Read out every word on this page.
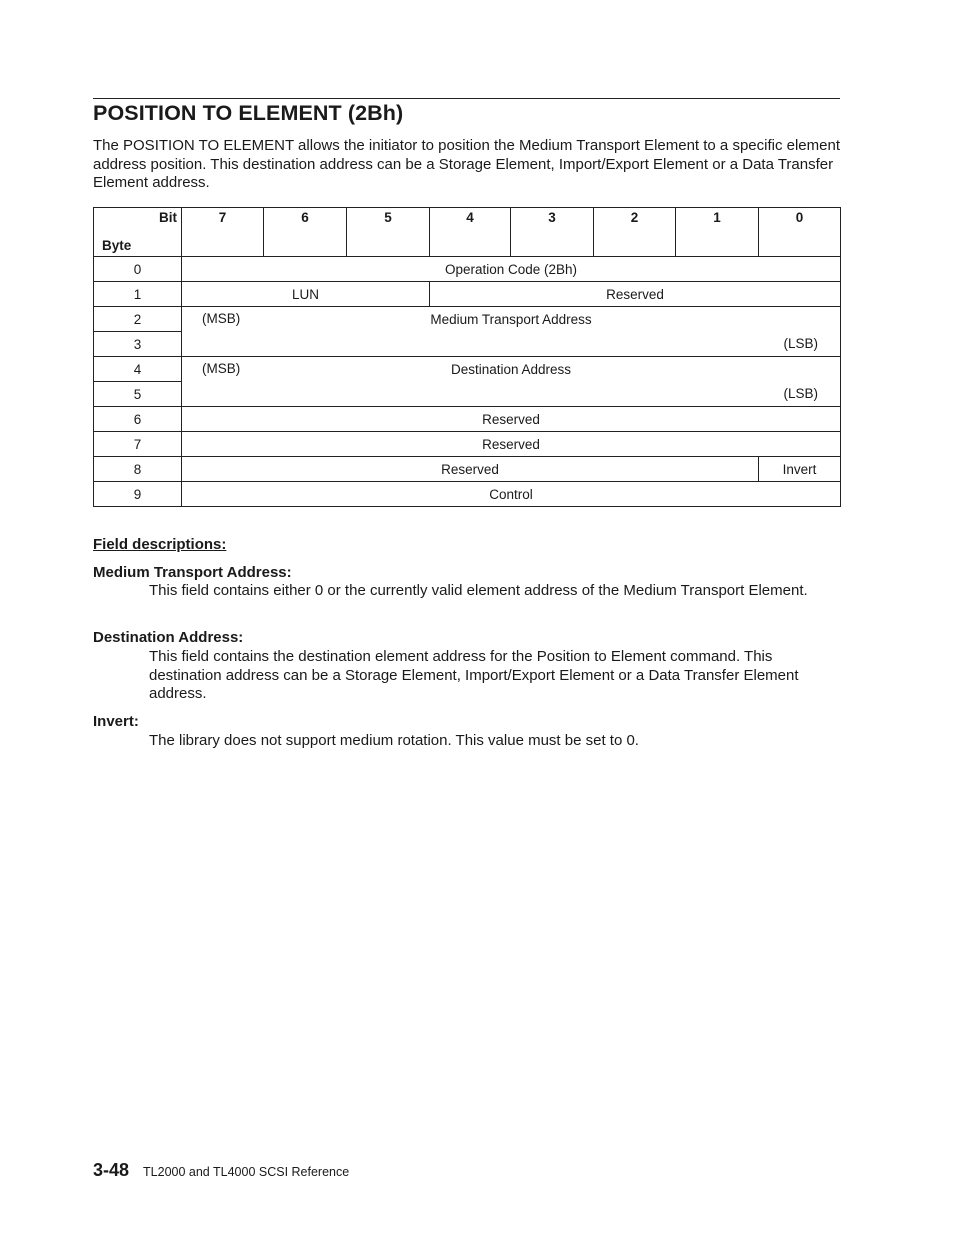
POSITION TO ELEMENT (2Bh)

The POSITION TO ELEMENT allows the initiator to position the Medium Transport Element to a specific element address position. This destination address can be a Storage Element, Import/Export Element or a Data Transfer Element address.

Bit
Byte	7	6	5	4	3	2	1	0
0	Operation Code (2Bh)							
1	LUN			Reserved				
2	(MSB) Medium Transport Address							

3	(LSB)							
4	(MSB) Destination Address							

5	(LSB)							
6	Reserved							
7	Reserved							
8	Reserved							Invert
9	Control							
Field descriptions:
Medium Transport Address:

This field contains either 0 or the currently valid element address of the Medium Transport Element.

Destination Address:

This field contains the destination element address for the Position to Element command. This destination address can be a Storage Element, Import/Export Element or a Data Transfer Element address.

Invert:

The library does not support medium rotation. This value must be set to 0.

3-48 TL2000 and TL4000 SCSI Reference
